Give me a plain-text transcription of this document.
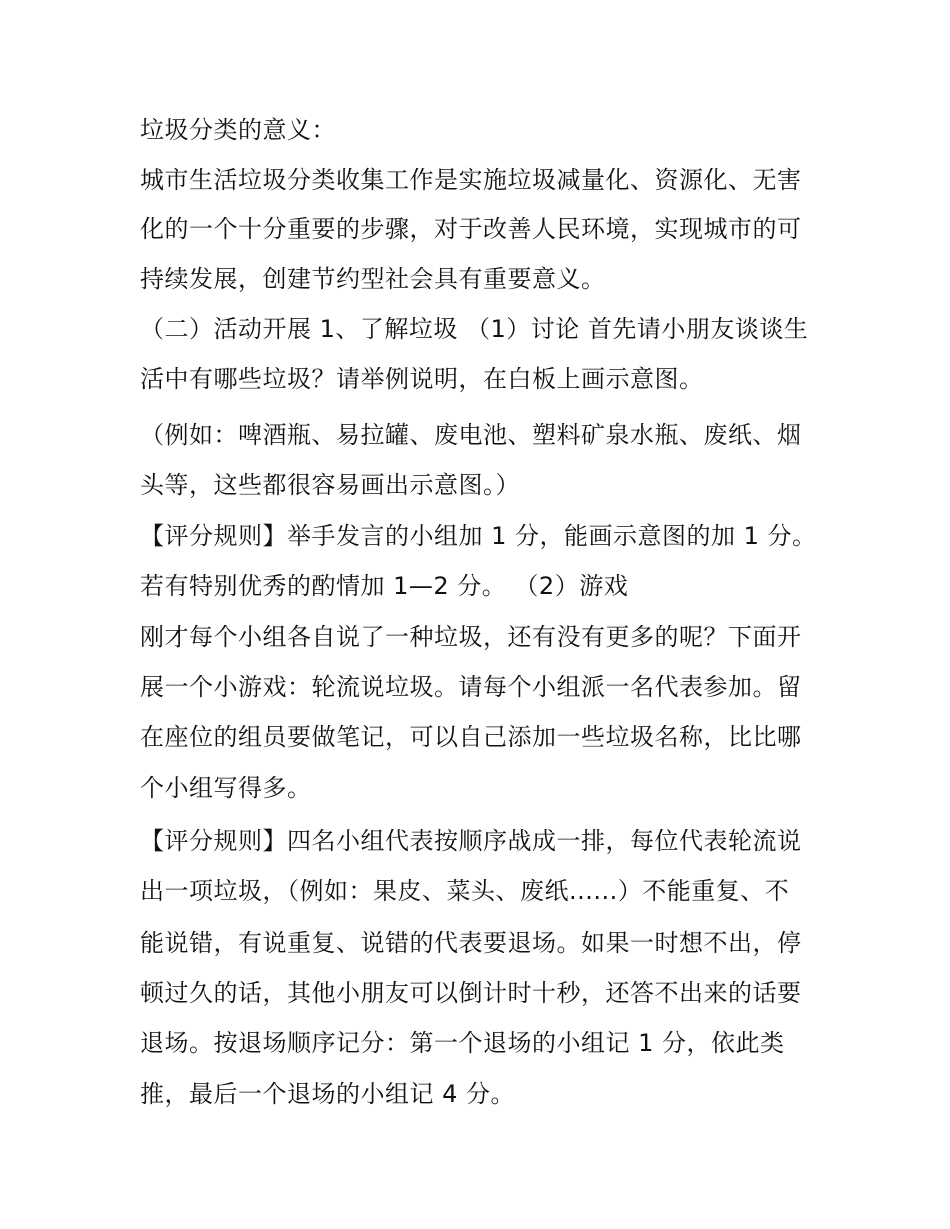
垃圾分类的意义：

城市生活垃圾分类收集工作是实施垃圾减量化、资源化、无害

化的一个十分重要的步骤，对于改善人民环境，实现城市的可

持续发展，创建节约型社会具有重要意义。

（二）活动开展 1、了解垃圾 （1）讨论 首先请小朋友谈谈生

活中有哪些垃圾？请举例说明，在白板上画示意图。

（例如：啤酒瓶、易拉罐、废电池、塑料矿泉水瓶、废纸、烟

头等，这些都很容易画出示意图。）

【评分规则】举手发言的小组加 1 分，能画示意图的加 1 分。

若有特别优秀的酌情加 1—2 分。 （2）游戏

刚才每个小组各自说了一种垃圾，还有没有更多的呢？下面开

展一个小游戏：轮流说垃圾。请每个小组派一名代表参加。留

在座位的组员要做笔记，可以自己添加一些垃圾名称，比比哪

个小组写得多。

【评分规则】四名小组代表按顺序战成一排，每位代表轮流说

出一项垃圾，（例如：果皮、菜头、废纸......）不能重复、不

能说错，有说重复、说错的代表要退场。如果一时想不出，停

顿过久的话，其他小朋友可以倒计时十秒，还答不出来的话要

退场。按退场顺序记分：第一个退场的小组记 1 分，依此类

推，最后一个退场的小组记 4 分。
